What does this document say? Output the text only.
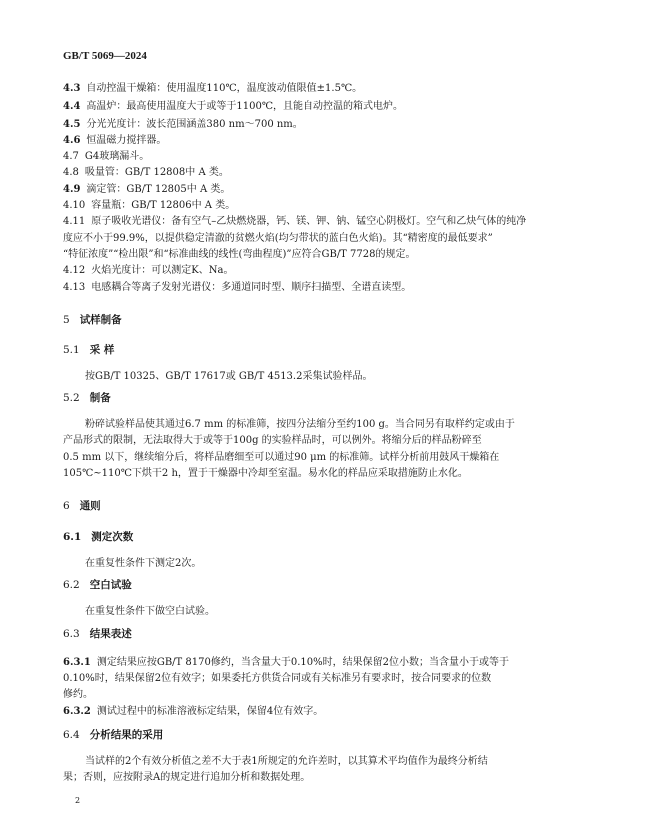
GB/T 5069—2024
4.3 自动控温干燥箱：使用温度110℃，温度波动值限值±1.5℃。
4.4 高温炉：最高使用温度大于或等于1100℃，且能自动控温的箱式电炉。
4.5 分光光度计：波长范围涵盖380 nm～700 nm。
4.6 恒温磁力搅拌器。
4.7 G4玻璃漏斗。
4.8 吸量管：GB/T 12808中 A 类。
4.9 滴定管：GB/T 12805中 A 类。
4.10 容量瓶：GB/T 12806中 A 类。
4.11 原子吸收光谱仪：备有空气–乙炔燃烧器，钙、镁、钾、钠、锰空心阴极灯。空气和乙炔气体的纯净
度应不小于99.9%，以提供稳定清澈的贫燃火焰(均匀带状的蓝白色火焰)。其“精密度的最低要求”
“特征浓度”“检出限”和“标准曲线的线性(弯曲程度)”应符合GB/T 7728的规定。
4.12 火焰光度计：可以测定K、Na。
4.13 电感耦合等离子发射光谱仪：多通道同时型、顺序扫描型、全谱直读型。
5 试样制备
5.1 采 样
按GB/T 10325、GB/T 17617或 GB/T 4513.2采集试验样品。
5.2 制备
粉碎试验样品使其通过6.7 mm 的标准筛，按四分法缩分至约100 g。当合同另有取样约定或由于
产品形式的限制，无法取得大于或等于100g 的实验样品时，可以例外。将缩分后的样品粉碎至
0.5 mm 以下，继续缩分后，将样品磨细至可以通过90 μm 的标准筛。试样分析前用鼓风干燥箱在
105℃~110℃下烘干2 h，置于干燥器中冷却至室温。易水化的样品应采取措施防止水化。
6 通则
6.1 测定次数
在重复性条件下测定2次。
6.2 空白试验
在重复性条件下做空白试验。
6.3 结果表述
6.3.1 测定结果应按GB/T 8170修约，当含量大于0.10%时，结果保留2位小数；当含量小于或等于
0.10%时，结果保留2位有效字；如果委托方供货合同或有关标准另有要求时，按合同要求的位数
修约。
6.3.2 测试过程中的标准溶液标定结果，保留4位有效字。
6.4 分析结果的采用
当试样的2个有效分析值之差不大于表1所规定的允许差时，以其算术平均值作为最终分析结
果；否则，应按附录A的规定进行追加分析和数据处理。
2
